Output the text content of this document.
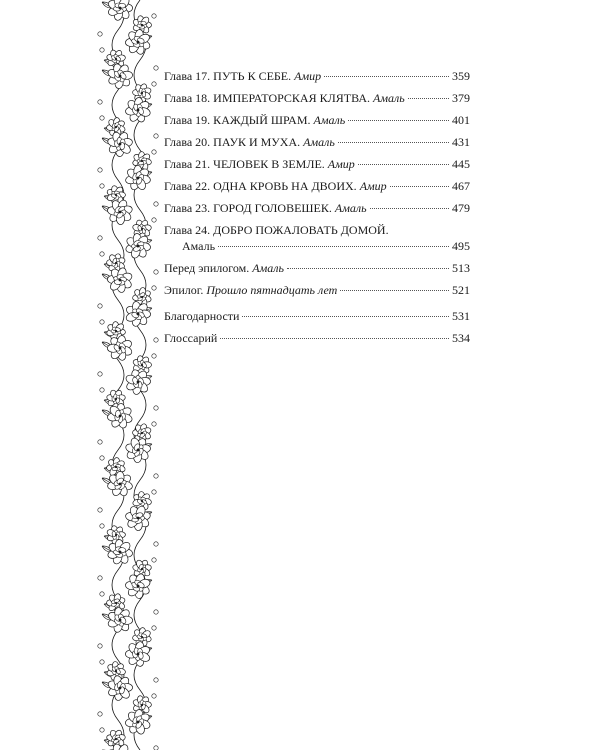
Глава 17. ПУТЬ К СЕБЕ. Амир	359
Глава 18. ИМПЕРАТОРСКАЯ КЛЯТВА. Амаль	379
Глава 19. КАЖДЫЙ ШРАМ. Амаль	401
Глава 20. ПАУК И МУХА. Амаль	431
Глава 21. ЧЕЛОВЕК В ЗЕМЛЕ. Амир	445
Глава 22. ОДНА КРОВЬ НА ДВОИХ. Амир	467
Глава 23. ГОРОД ГОЛОВЕШЕК. Амаль	479
Глава 24. ДОБРО ПОЖАЛОВАТЬ ДОМОЙ.
Амаль	495
Перед эпилогом. Амаль	513
Эпилог. Прошло пятнадцать лет	521
Благодарности	531
Глоссарий	534
